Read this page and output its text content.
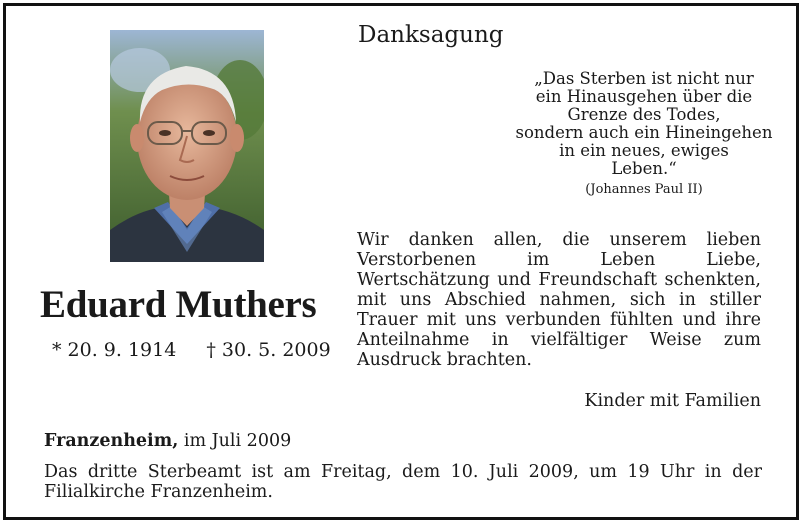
Eduard Muthers
* 20. 9. 1914 † 30. 5. 2009
Danksagung
„Das Sterben ist nicht nur
ein Hinausgehen über die
Grenze des Todes,
sondern auch ein Hineingehen
in ein neues, ewiges
Leben.“
(Johannes Paul II)
Wir danken allen, die unserem lieben Verstorbenen im Leben Liebe, Wertschätzung und Freundschaft schenkten, mit uns Abschied nahmen, sich in stiller Trauer mit uns verbunden fühlten und ihre Anteilnahme in vielfältiger Weise zum Ausdruck brachten.
Kinder mit Familien
Franzenheim, im Juli 2009
Das dritte Sterbeamt ist am Freitag, dem 10. Juli 2009, um 19 Uhr in der Filialkirche Franzenheim.
